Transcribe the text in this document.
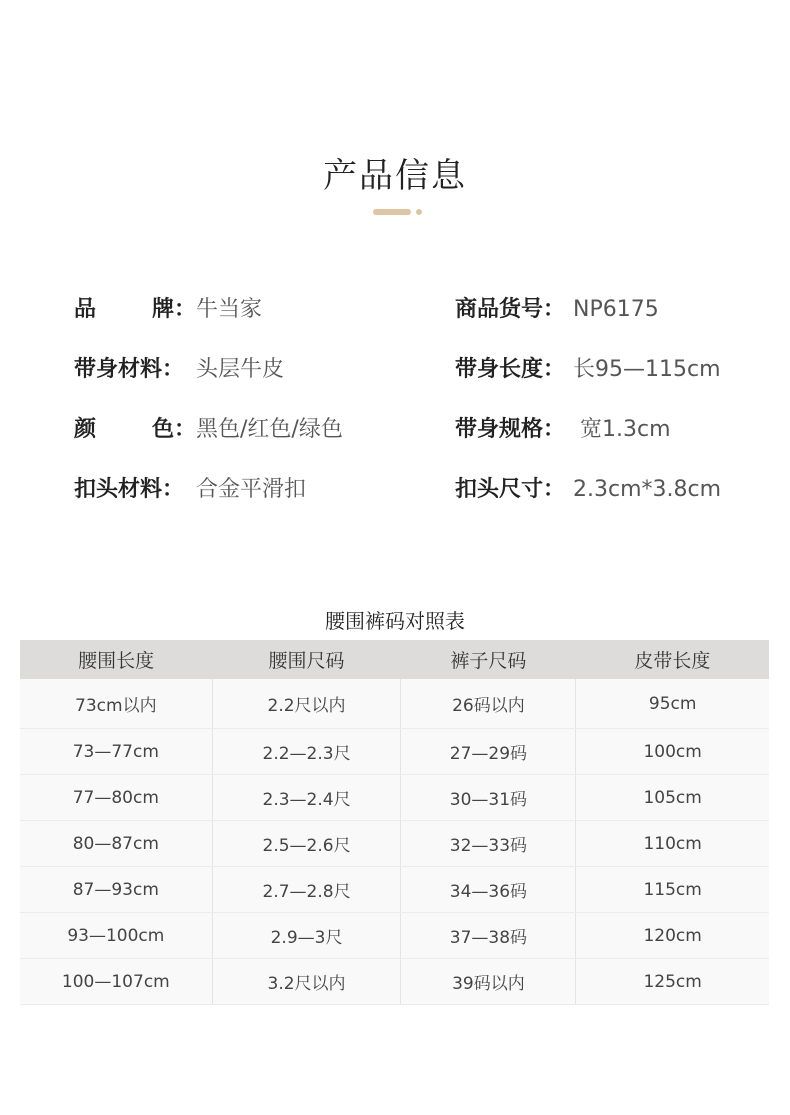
产品信息
品	牌： 牛当家	商品货号： NP6175
带身材料： 头层牛皮	带身长度： 长95—115cm
颜	色： 黑色/红色/绿色	带身规格： 宽1.3cm
扣头材料： 合金平滑扣	扣头尺寸： 2.3cm*3.8cm
腰围裤码对照表
腰围长度	腰围尺码	裤子尺码	皮带长度
73cm以内	2.2尺以内	26码以内	95cm
73—77cm	2.2—2.3尺	27—29码	100cm
77—80cm	2.3—2.4尺	30—31码	105cm
80—87cm	2.5—2.6尺	32—33码	110cm
87—93cm	2.7—2.8尺	34—36码	115cm
93—100cm	2.9—3尺	37—38码	120cm
100—107cm	3.2尺以内	39码以内	125cm
